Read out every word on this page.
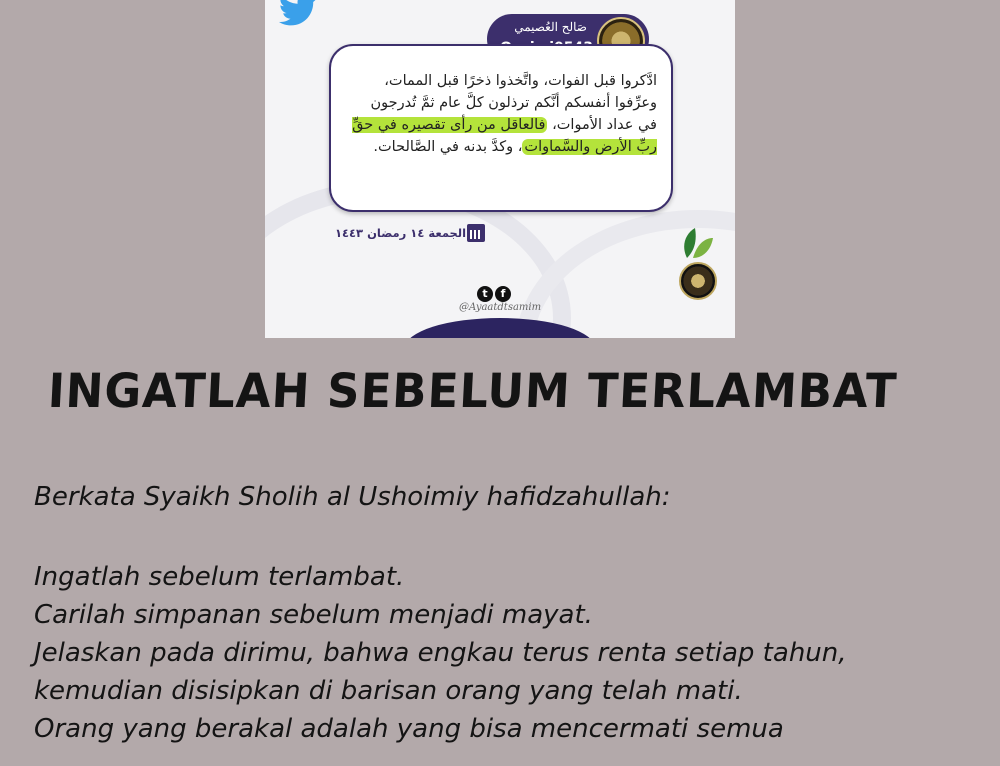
صَالح العُصيمي
ادَّكروا قبل الفوات، واتَّخذوا ذخرًا قبل الممات، وعرِّفوا أنفسكم أنَّكم ترذلون كلَّ عام ثمَّ تُدرجون في عداد الأموات، فالعاقل من رأى تقصيره في حقِّ ربِّ الأرض والسَّماوات، وكدَّ بدنه في الصَّالحات.
الجمعة ١٤ رمضان ١٤٤٣
t f
@Ayaatdtsamim
INGATLAH SEBELUM TERLAMBAT
Berkata Syaikh Sholih al Ushoimiy hafidzahullah:
Ingatlah sebelum terlambat.
Carilah simpanan sebelum menjadi mayat.
Jelaskan pada dirimu, bahwa engkau terus renta setiap tahun,
kemudian disisipkan di barisan orang yang telah mati.
Orang yang berakal adalah yang bisa mencermati semua
